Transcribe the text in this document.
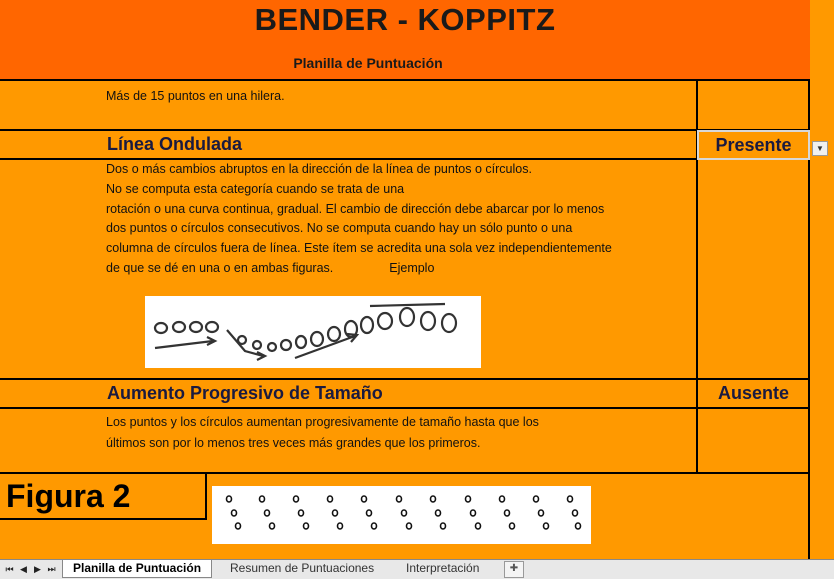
BENDER - KOPPITZ
Planilla de Puntuación
Más de 15 puntos en una hilera.
Línea Ondulada	Presente	▼
Dos o más cambios abruptos en la dirección de la línea de puntos o círculos.
No se computa esta categoría cuando se trata de una
rotación o una curva continua, gradual. El cambio de dirección debe abarcar por lo menos
dos puntos o círculos consecutivos. No se computa cuando hay un sólo punto o una
columna de círculos fuera de línea. Este ítem se acredita una sola vez independientemente
de que se dé en una o en ambas figuras.	Ejemplo
Aumento Progresivo de Tamaño	Ausente
Los puntos y los círculos aumentan progresivamente de tamaño hasta que los
últimos son por lo menos tres veces más grandes que los primeros.
Figura 2
⏮ ◀ ▶ ⏭	Planilla de Puntuación	Resumen de Puntuaciones	Interpretación	✚
